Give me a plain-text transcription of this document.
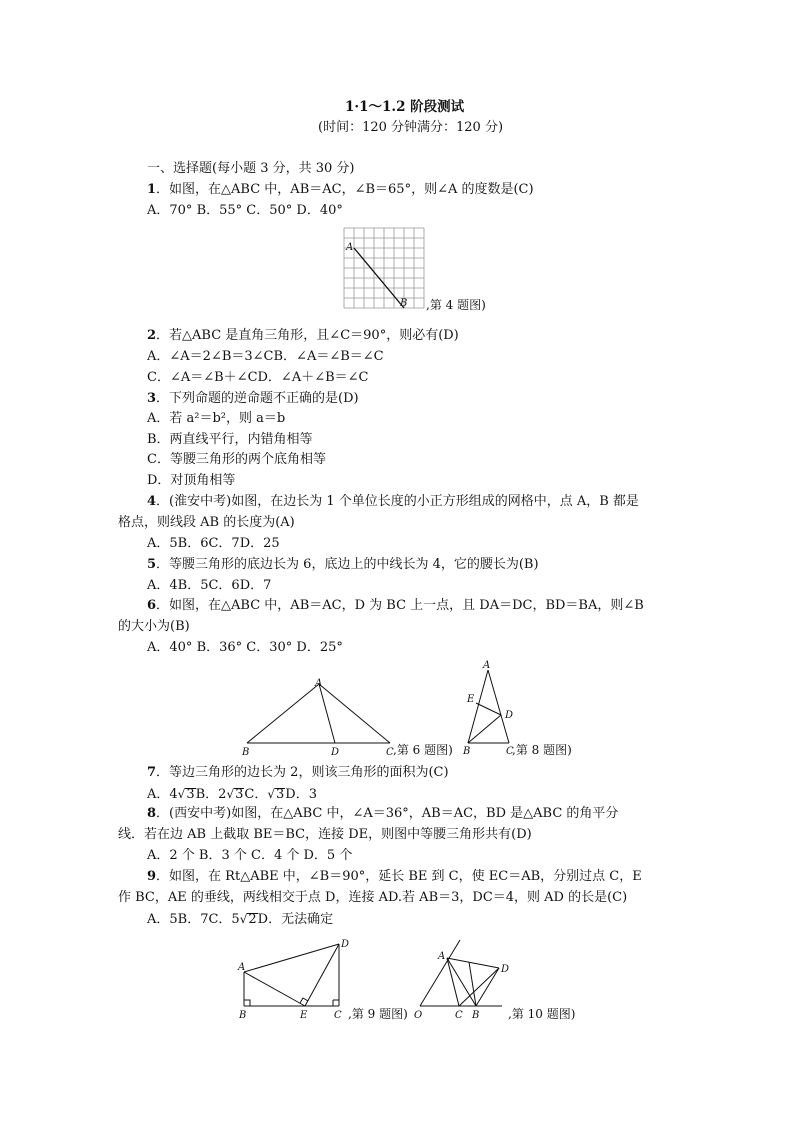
1·1～1.2 阶段测试
(时间：120 分钟满分：120 分)
一、选择题(每小题 3 分，共 30 分)
1．如图，在△ABC 中，AB＝AC，∠B＝65°，则∠A 的度数是(C)
A．70° B．55° C．50° D．40°
A
B ,第 4 题图)
2．若△ABC 是直角三角形，且∠C＝90°，则必有(D)
A．∠A＝2∠B＝3∠CB．∠A＝∠B＝∠C
C．∠A＝∠B＋∠CD．∠A＋∠B＝∠C
3．下列命题的逆命题不正确的是(D)
A．若 a²＝b²，则 a＝b
B．两直线平行，内错角相等
C．等腰三角形的两个底角相等
D．对顶角相等
4．(淮安中考)如图，在边长为 1 个单位长度的小正方形组成的网格中，点 A，B 都是
格点，则线段 AB 的长度为(A)
A．5B．6C．7D．25
5．等腰三角形的底边长为 6，底边上的中线长为 4，它的腰长为(B)
A．4B．5C．6D．7
6．如图，在△ABC 中，AB＝AC，D 为 BC 上一点，且 DA＝DC，BD＝BA，则∠B
的大小为(B)
A．40° B．36° C．30° D．25°
A
B	D	C ,第 6 题图)
A
E
D
B	C
,第 8 题图)
7．等边三角形的边长为 2，则该三角形的面积为(C)
A．4√3B．2√3C．√3D．3
8．(西安中考)如图，在△ABC 中，∠A＝36°，AB＝AC，BD 是△ABC 的角平分
线．若在边 AB 上截取 BE＝BC，连接 DE，则图中等腰三角形共有(D)
A．2 个 B．3 个 C．4 个 D．5 个
9．如图，在 Rt△ABE 中，∠B＝90°，延长 BE 到 C，使 EC＝AB，分别过点 C，E
作 BC，AE 的垂线，两线相交于点 D，连接 AD.若 AB＝3，DC＝4，则 AD 的长是(C)
A．5B．7C．5√2D．无法确定
A
D
B	E	C ,第 9 题图)
A
D
O	C B ,第 10 题图)
